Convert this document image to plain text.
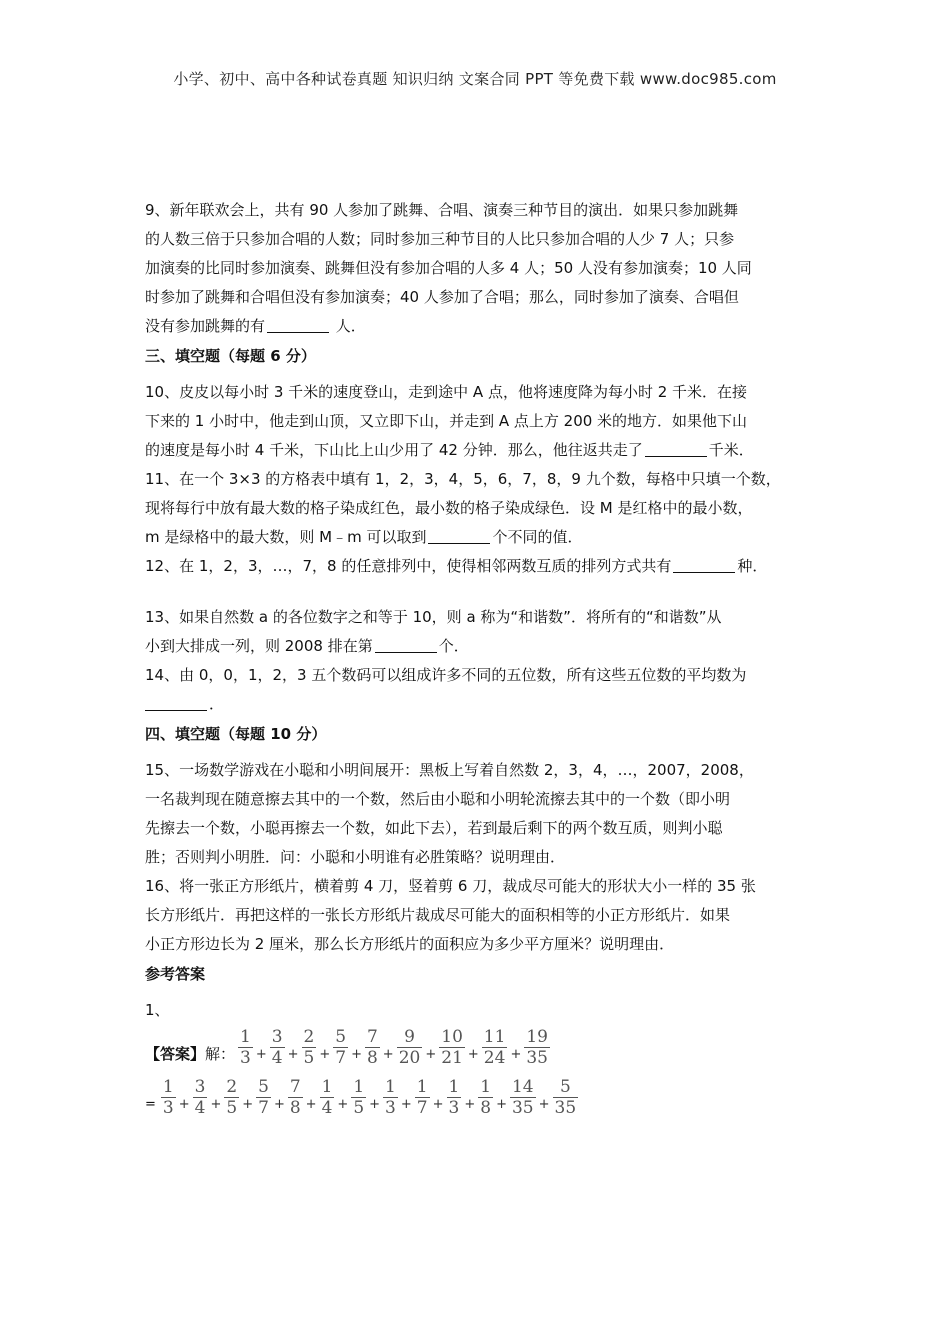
小学、初中、高中各种试卷真题 知识归纳 文案合同 PPT 等免费下载 www.doc985.com
9、新年联欢会上，共有 90 人参加了跳舞、合唱、演奏三种节目的演出．如果只参加跳舞
的人数三倍于只参加合唱的人数；同时参加三种节目的人比只参加合唱的人少 7 人；只参
加演奏的比同时参加演奏、跳舞但没有参加合唱的人多 4 人；50 人没有参加演奏；10 人同
时参加了跳舞和合唱但没有参加演奏；40 人参加了合唱；那么，同时参加了演奏、合唱但
没有参加跳舞的有	人．
三、填空题（每题 6 分）
10、皮皮以每小时 3 千米的速度登山，走到途中 A 点，他将速度降为每小时 2 千米．在接
下来的 1 小时中，他走到山顶，又立即下山，并走到 A 点上方 200 米的地方．如果他下山
的速度是每小时 4 千米，下山比上山少用了 42 分钟．那么，他往返共走了	千米．
11、在一个 3×3 的方格表中填有 1，2，3，4，5，6，7，8，9 九个数，每格中只填一个数，
现将每行中放有最大数的格子染成红色，最小数的格子染成绿色．设 M 是红格中的最小数，
m 是绿格中的最大数，则 M﹣m 可以取到	个不同的值．
12、在 1，2，3，…，7，8 的任意排列中，使得相邻两数互质的排列方式共有	种．
13、如果自然数 a 的各位数字之和等于 10，则 a 称为“和谐数”．将所有的“和谐数”从
小到大排成一列，则 2008 排在第	个．
14、由 0，0，1，2，3 五个数码可以组成许多不同的五位数，所有这些五位数的平均数为
．
四、填空题（每题 10 分）
15、一场数学游戏在小聪和小明间展开：黑板上写着自然数 2，3，4，…，2007，2008，
一名裁判现在随意擦去其中的一个数，然后由小聪和小明轮流擦去其中的一个数（即小明
先擦去一个数，小聪再擦去一个数，如此下去），若到最后剩下的两个数互质，则判小聪
胜；否则判小明胜．问：小聪和小明谁有必胜策略？说明理由．
16、将一张正方形纸片，横着剪 4 刀，竖着剪 6 刀，裁成尽可能大的形状大小一样的 35 张
长方形纸片．再把这样的一张长方形纸片裁成尽可能大的面积相等的小正方形纸片．如果
小正方形边长为 2 厘米，那么长方形纸片的面积应为多少平方厘米？说明理由．
参考答案
1、
【答案】 解： $\frac{1}{3} + \frac{3}{4} + \frac{2}{5} + \frac{5}{7} + \frac{7}{8} + \frac{9}{20} + \frac{10}{21} + \frac{11}{24} + \frac{19}{35}$
= $\frac{1}{3} + \frac{3}{4} + \frac{2}{5} + \frac{5}{7} + \frac{7}{8} + \frac{1}{4} + \frac{1}{5} + \frac{1}{3} + \frac{1}{7} + \frac{1}{3} + \frac{1}{8} + \frac{14}{35} + \frac{5}{35}$
